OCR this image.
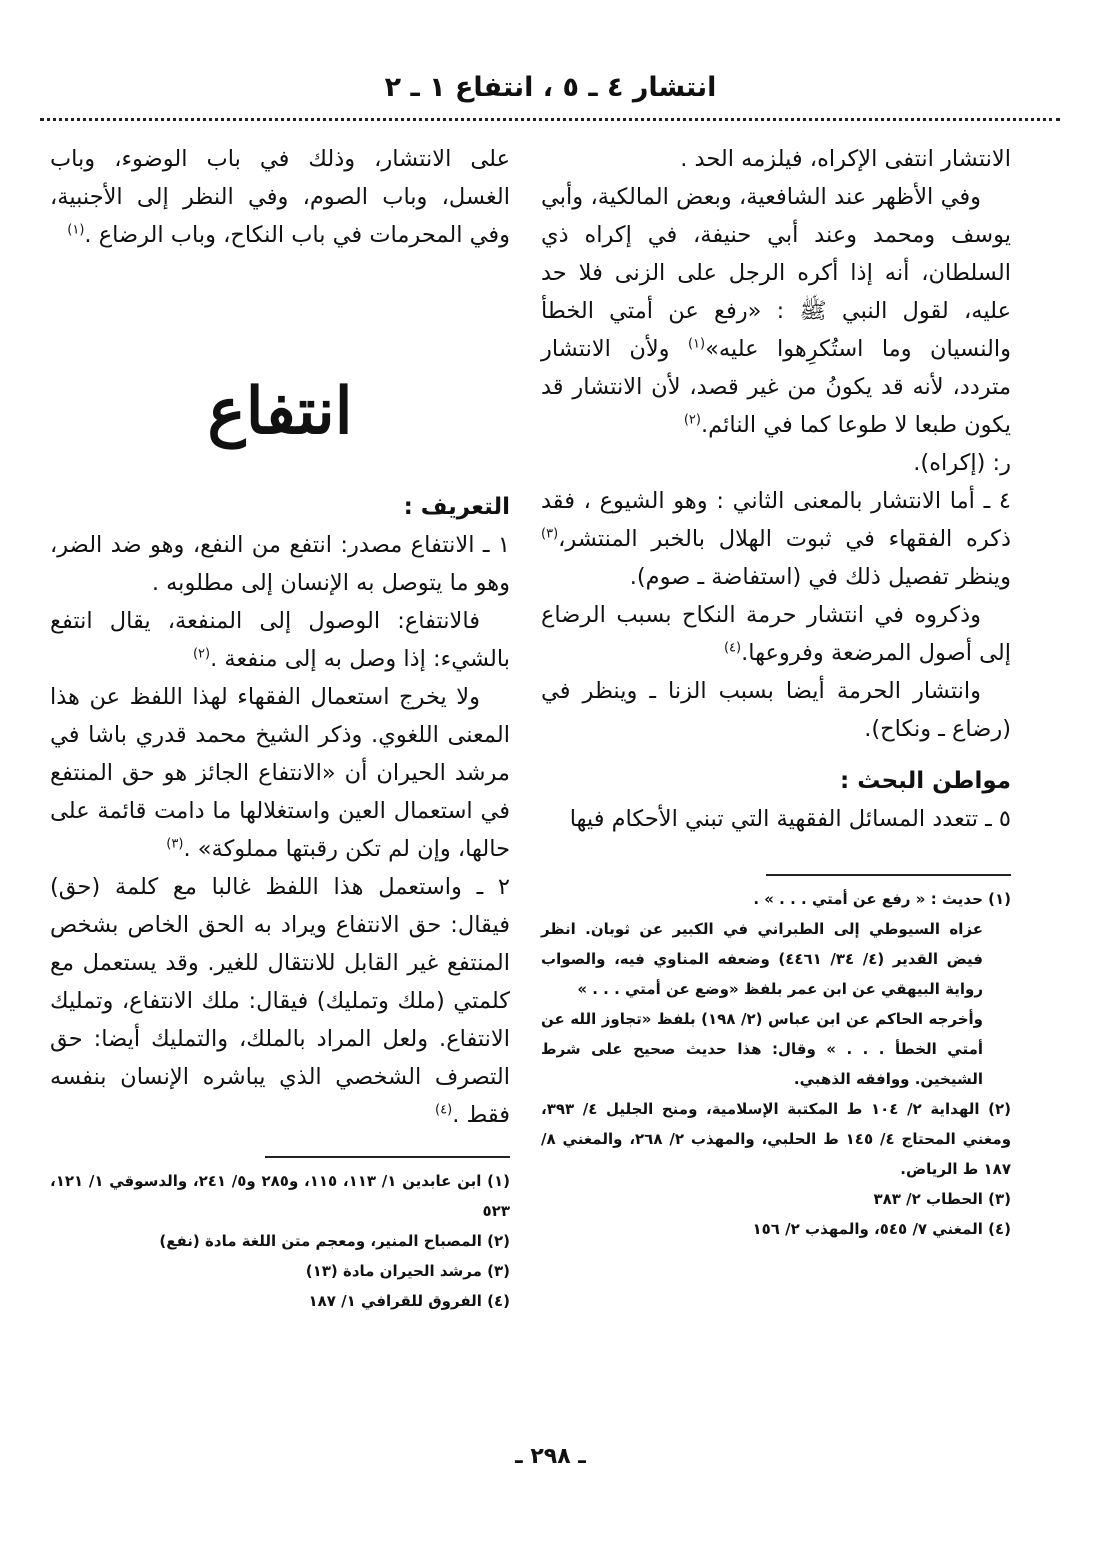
انتشار ٤ ـ ٥ ، انتفاع ١ ـ ٢

الانتشار انتفى الإكراه، فيلزمه الحد .

وفي الأظهر عند الشافعية، وبعض المالكية، وأبي يوسف ومحمد وعند أبي حنيفة، في إكراه ذي السلطان، أنه إذا أكره الرجل على الزنى فلا حد عليه، لقول النبي ﷺ : «رفع عن أمتي الخطأ والنسيان وما استُكرِهوا عليه»$^{(١)}$ ولأن الانتشار متردد، لأنه قد يكونُ من غير قصد، لأن الانتشار قد يكون طبعا لا طوعا كما في النائم.$^{(٢)}$

ر: (إكراه).

٤ ـ أما الانتشار بالمعنى الثاني : وهو الشيوع ، فقد ذكره الفقهاء في ثبوت الهلال بالخبر المنتشر،$^{(٣)}$ وينظر تفصيل ذلك في (استفاضة ـ صوم).

وذكروه في انتشار حرمة النكاح بسبب الرضاع إلى أصول المرضعة وفروعها.$^{(٤)}$

وانتشار الحرمة أيضا بسبب الزنا ـ وينظر في (رضاع ـ ونكاح).

مواطن البحث :

٥ ـ تتعدد المسائل الفقهية التي تبني الأحكام فيها

(١) حديث : « رفع عن أمتي . . . » .

عزاه السيوطي إلى الطبراني في الكبير عن ثوبان. انظر فيض القدير (٤/ ٣٤/ ٤٤٦١) وضعفه المناوي فيه، والصواب رواية البيهقي عن ابن عمر بلفظ «وضع عن أمتي . . . »

وأخرجه الحاكم عن ابن عباس (٢/ ١٩٨) بلفظ «تجاوز الله عن أمتي الخطأ . . . » وقال: هذا حديث صحيح على شرط الشيخين. ووافقه الذهبي.

(٢) الهداية ٢/ ١٠٤ ط المكتبة الإسلامية، ومنح الجليل ٤/ ٣٩٣، ومغني المحتاج ٤/ ١٤٥ ط الحلبي، والمهذب ٢/ ٢٦٨، والمغني ٨/ ١٨٧ ط الرياض.

(٣) الحطاب ٢/ ٣٨٣

(٤) المغني ٧/ ٥٤٥، والمهذب ٢/ ١٥٦

على الانتشار، وذلك في باب الوضوء، وباب الغسل، وباب الصوم، وفي النظر إلى الأجنبية، وفي المحرمات في باب النكاح، وباب الرضاع .$^{(١)}$

انتفاع

التعريف :

١ ـ الانتفاع مصدر: انتفع من النفع، وهو ضد الضر، وهو ما يتوصل به الإنسان إلى مطلوبه .

فالانتفاع: الوصول إلى المنفعة، يقال انتفع بالشيء: إذا وصل به إلى منفعة .$^{(٢)}$

ولا يخرج استعمال الفقهاء لهذا اللفظ عن هذا المعنى اللغوي. وذكر الشيخ محمد قدري باشا في مرشد الحيران أن «الانتفاع الجائز هو حق المنتفع في استعمال العين واستغلالها ما دامت قائمة على حالها، وإن لم تكن رقبتها مملوكة» .$^{(٣)}$

٢ ـ واستعمل هذا اللفظ غالبا مع كلمة (حق) فيقال: حق الانتفاع ويراد به الحق الخاص بشخص المنتفع غير القابل للانتقال للغير. وقد يستعمل مع كلمتي (ملك وتمليك) فيقال: ملك الانتفاع، وتمليك الانتفاع. ولعل المراد بالملك، والتمليك أيضا: حق التصرف الشخصي الذي يباشره الإنسان بنفسه فقط .$^{(٤)}$

(١) ابن عابدين ١/ ١١٣، ١١٥، و٢٨٥ و٥/ ٢٤١، والدسوقي ١/ ١٢١، ٥٢٣

(٢) المصباح المنير، ومعجم متن اللغة مادة (نفع)

(٣) مرشد الحيران مادة (١٣)

(٤) الفروق للقرافي ١/ ١٨٧

ـ ٢٩٨ ـ
